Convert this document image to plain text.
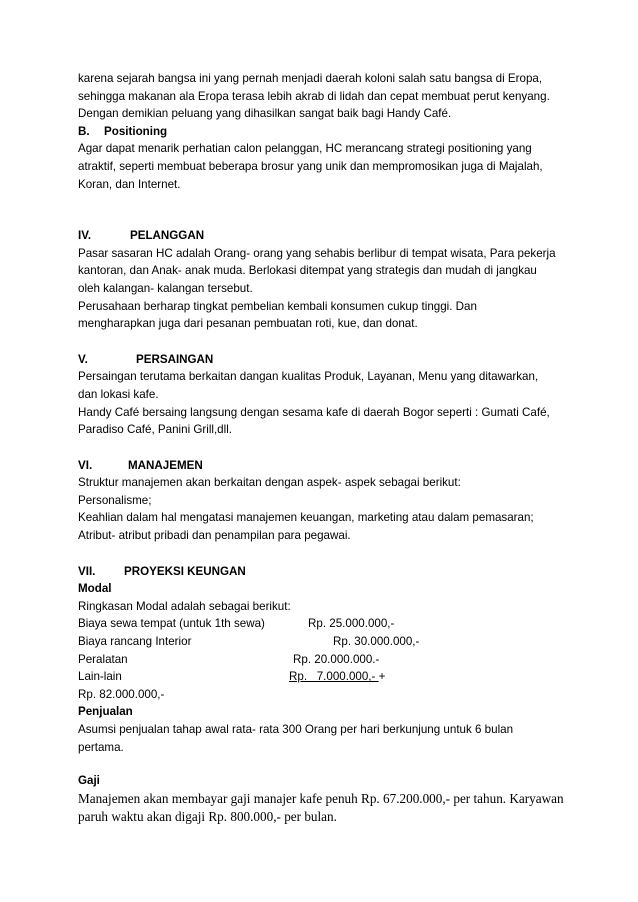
karena sejarah bangsa ini yang pernah menjadi daerah koloni salah satu bangsa di Eropa,

sehingga makanan ala Eropa terasa lebih akrab di lidah dan cepat membuat perut kenyang.

Dengan demikian peluang yang dihasilkan sangat baik bagi Handy Café.

B.	Positioning

Agar dapat menarik perhatian calon pelanggan, HC merancang strategi positioning yang

atraktif, seperti membuat beberapa brosur yang unik dan mempromosikan juga di Majalah,

Koran, dan Internet.

IV.	PELANGGAN

Pasar sasaran HC adalah Orang- orang yang sehabis berlibur di tempat wisata, Para pekerja

kantoran, dan Anak- anak muda. Berlokasi ditempat yang strategis dan mudah di jangkau

oleh kalangan- kalangan tersebut.

Perusahaan berharap tingkat pembelian kembali konsumen cukup tinggi. Dan

mengharapkan juga dari pesanan pembuatan roti, kue, dan donat.

V.	PERSAINGAN

Persaingan terutama berkaitan dangan kualitas Produk, Layanan, Menu yang ditawarkan,

dan lokasi kafe.

Handy Café bersaing langsung dengan sesama kafe di daerah Bogor seperti : Gumati Café,

Paradiso Café, Panini Grill,dll.

VI.	MANAJEMEN

Struktur manajemen akan berkaitan dengan aspek- aspek sebagai berikut:

Personalisme;

Keahlian dalam hal mengatasi manajemen keuangan, marketing atau dalam pemasaran;

Atribut- atribut pribadi dan penampilan para pegawai.

VII.	PROYEKSI KEUNGAN

Modal

Ringkasan Modal adalah sebagai berikut:

Biaya sewa tempat (untuk 1th sewa)	Rp. 25.000.000,-
Biaya rancang Interior	Rp. 30.000.000,-
Peralatan	Rp. 20.000.000.-
Lain-lain	Rp.   7.000.000,- +

Rp. 82.000.000,-

Penjualan

Asumsi penjualan tahap awal rata- rata 300 Orang per hari berkunjung untuk 6 bulan

pertama.

Gaji

Manajemen akan membayar gaji manajer kafe penuh Rp. 67.200.000,- per tahun. Karyawan

paruh waktu akan digaji Rp. 800.000,- per bulan.
